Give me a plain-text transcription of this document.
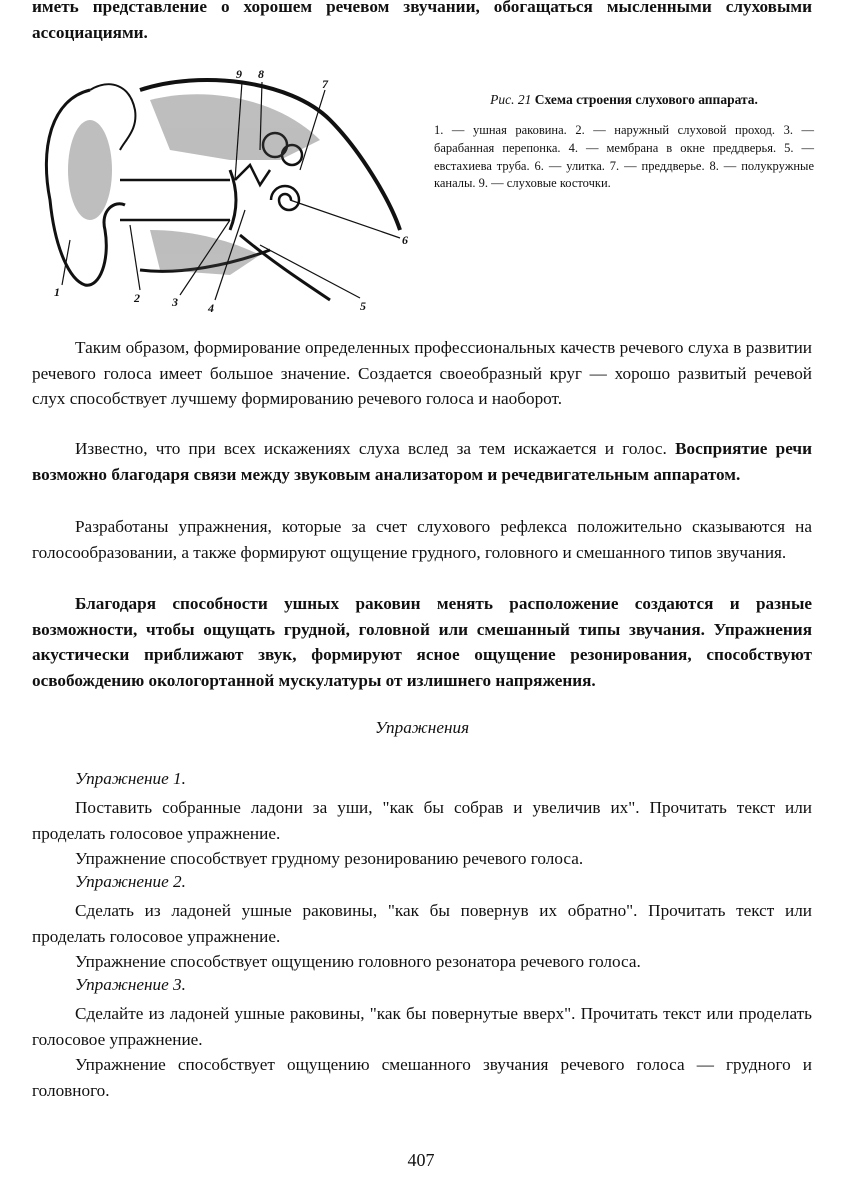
иметь представление о хорошем речевом звучании, обогащаться мысленными слуховыми ассоциациями.

1	2	3	4	5
6
7
8
9
Рис. 21 Схема строения слухового аппарата.
1. — ушная раковина. 2. — наружный слуховой проход. 3. — барабанная перепонка. 4. — мембрана в окне преддверья. 5. — евстахиева труба. 6. — улитка. 7. — преддверье. 8. — полукружные каналы. 9. — слуховые косточки.

Таким образом, формирование определенных профессиональных качеств речевого слуха в развитии речевого голоса имеет большое значение. Создается своеобразный круг — хорошо развитый речевой слух способствует лучшему формированию речевого голоса и наоборот.

Известно, что при всех искажениях слуха вслед за тем искажается и голос. Восприятие речи возможно благодаря связи между звуковым анализатором и речедвигательным аппаратом.

Разработаны упражнения, которые за счет слухового рефлекса положительно сказываются на голосообразовании, а также формируют ощущение грудного, головного и смешанного типов звучания.

Благодаря способности ушных раковин менять расположение создаются и разные возможности, чтобы ощущать грудной, головной или смешанный типы звучания. Упражнения акустически приближают звук, формируют ясное ощущение резонирования, способствуют освобождению окологортанной мускулатуры от излишнего напряжения.

Упражнения
Упражнение 1.

Поставить собранные ладони за уши, "как бы собрав и увеличив их". Прочитать текст или проделать голосовое упражнение.

Упражнение способствует грудному резонированию речевого голоса.

Упражнение 2.

Сделать из ладоней ушные раковины, "как бы повернув их обратно". Прочитать текст или проделать голосовое упражнение.

Упражнение способствует ощущению головного резонатора речевого голоса.

Упражнение 3.

Сделайте из ладоней ушные раковины, "как бы повернутые вверх". Прочитать текст или проделать голосовое упражнение.

Упражнение способствует ощущению смешанного звучания речевого голоса — грудного и головного.

407
